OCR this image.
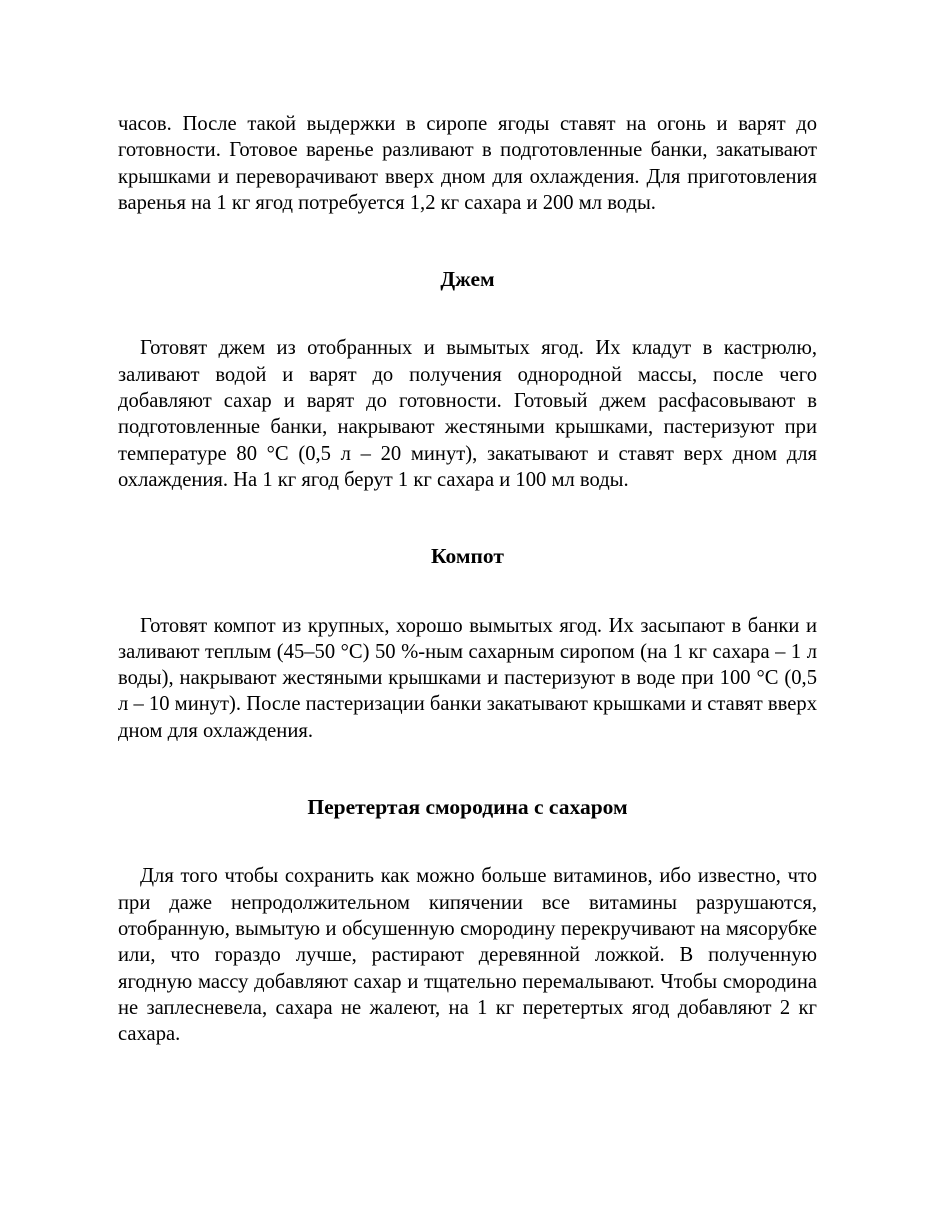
часов. После такой выдержки в сиропе ягоды ставят на огонь и варят до готовности. Готовое варенье разливают в подготовленные банки, закатывают крышками и переворачивают вверх дном для охлаждения. Для приготовления варенья на 1 кг ягод потребуется 1,2 кг сахара и 200 мл воды.

Джем

Готовят джем из отобранных и вымытых ягод. Их кладут в кастрюлю, заливают водой и варят до получения однородной массы, после чего добавляют сахар и варят до готовности. Готовый джем расфасовывают в подготовленные банки, накрывают жестяными крышками, пастеризуют при температуре 80 °С (0,5 л – 20 минут), закатывают и ставят верх дном для охлаждения. На 1 кг ягод берут 1 кг сахара и 100 мл воды.

Компот

Готовят компот из крупных, хорошо вымытых ягод. Их засыпают в банки и заливают теплым (45–50 °С) 50 %-ным сахарным сиропом (на 1 кг сахара – 1 л воды), накрывают жестяными крышками и пастеризуют в воде при 100 °С (0,5 л – 10 минут). После пастеризации банки закатывают крышками и ставят вверх дном для охлаждения.

Перетертая смородина с сахаром

Для того чтобы сохранить как можно больше витаминов, ибо известно, что при даже непродолжительном кипячении все витамины разрушаются, отобранную, вымытую и обсушенную смородину перекручивают на мясорубке или, что гораздо лучше, растирают деревянной ложкой. В полученную ягодную массу добавляют сахар и тщательно перемалывают. Чтобы смородина не заплесневела, сахара не жалеют, на 1 кг перетертых ягод добавляют 2 кг сахара.
